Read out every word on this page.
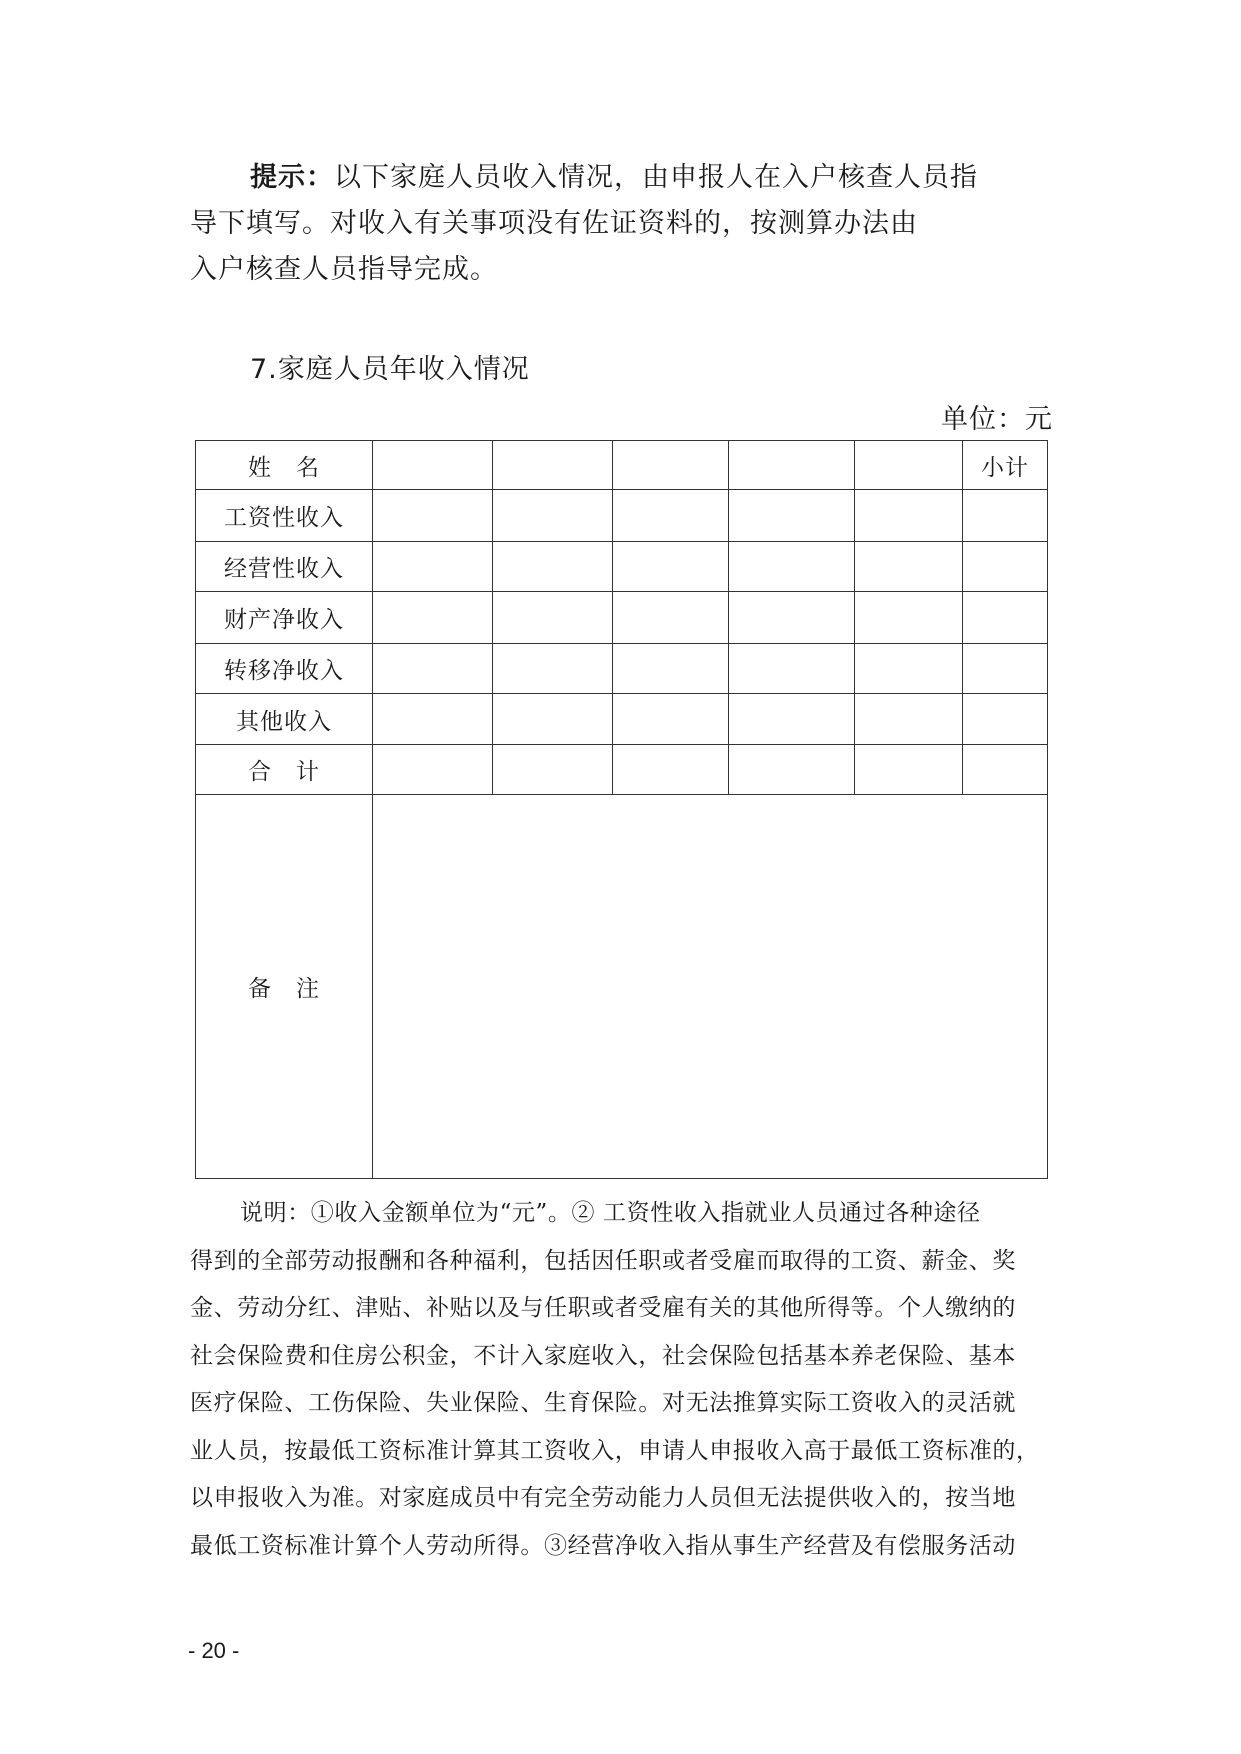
提示：以下家庭人员收入情况，由申报人在入户核查人员指
导下填写。对收入有关事项没有佐证资料的，按测算办法由
入户核查人员指导完成。
7.家庭人员年收入情况
单位：元
姓　名						小计
工资性收入						
经营性收入						
财产净收入						
转移净收入						
其他收入						
合　计						
备　注						
说明：①收入金额单位为“元”。② 工资性收入指就业人员通过各种途径
得到的全部劳动报酬和各种福利，包括因任职或者受雇而取得的工资、薪金、奖
金、劳动分红、津贴、补贴以及与任职或者受雇有关的其他所得等。个人缴纳的
社会保险费和住房公积金，不计入家庭收入，社会保险包括基本养老保险、基本
医疗保险、工伤保险、失业保险、生育保险。对无法推算实际工资收入的灵活就
业人员，按最低工资标准计算其工资收入，申请人申报收入高于最低工资标准的，
以申报收入为准。对家庭成员中有完全劳动能力人员但无法提供收入的，按当地
最低工资标准计算个人劳动所得。③经营净收入指从事生产经营及有偿服务活动
- 20 -
